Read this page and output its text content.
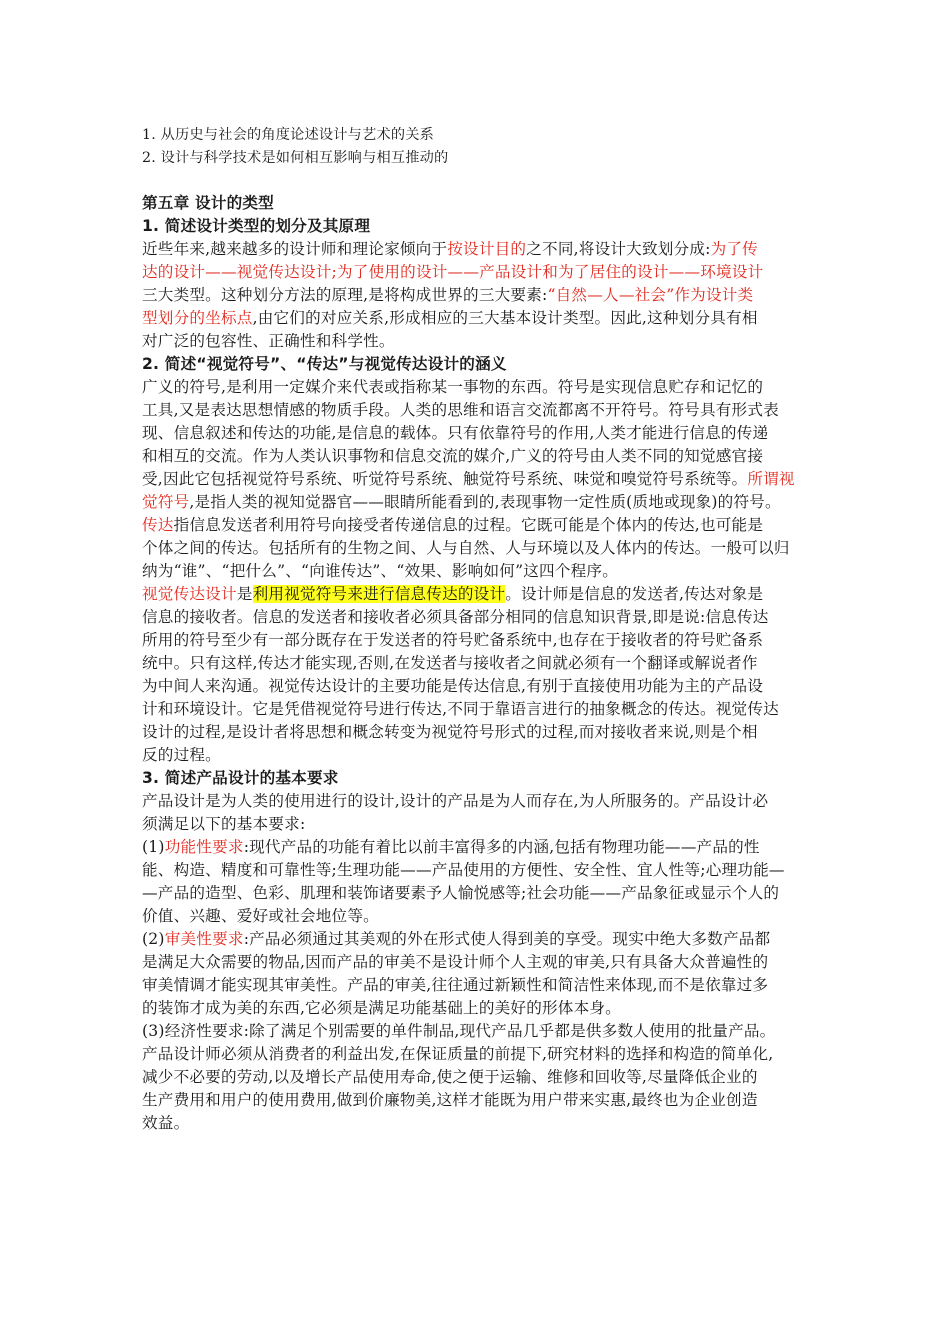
1. 从历史与社会的角度论述设计与艺术的关系
2. 设计与科学技术是如何相互影响与相互推动的
第五章 设计的类型
1. 简述设计类型的划分及其原理
近些年来,越来越多的设计师和理论家倾向于按设计目的之不同,将设计大致划分成:为了传
达的设计——视觉传达设计;为了使用的设计——产品设计和为了居住的设计——环境设计
三大类型。这种划分方法的原理,是将构成世界的三大要素:“自然—人—社会”作为设计类
型划分的坐标点,由它们的对应关系,形成相应的三大基本设计类型。因此,这种划分具有相
对广泛的包容性、正确性和科学性。
2. 简述“视觉符号”、“传达”与视觉传达设计的涵义
广义的符号,是利用一定媒介来代表或指称某一事物的东西。符号是实现信息贮存和记忆的
工具,又是表达思想情感的物质手段。人类的思维和语言交流都离不开符号。符号具有形式表
现、信息叙述和传达的功能,是信息的载体。只有依靠符号的作用,人类才能进行信息的传递
和相互的交流。作为人类认识事物和信息交流的媒介,广义的符号由人类不同的知觉感官接
受,因此它包括视觉符号系统、听觉符号系统、触觉符号系统、味觉和嗅觉符号系统等。所谓视
觉符号,是指人类的视知觉器官——眼睛所能看到的,表现事物一定性质(质地或现象)的符号。
传达指信息发送者利用符号向接受者传递信息的过程。它既可能是个体内的传达,也可能是
个体之间的传达。包括所有的生物之间、人与自然、人与环境以及人体内的传达。一般可以归
纳为“谁”、“把什么”、“向谁传达”、“效果、影响如何”这四个程序。
视觉传达设计是利用视觉符号来进行信息传达的设计。设计师是信息的发送者,传达对象是
信息的接收者。信息的发送者和接收者必须具备部分相同的信息知识背景,即是说:信息传达
所用的符号至少有一部分既存在于发送者的符号贮备系统中,也存在于接收者的符号贮备系
统中。只有这样,传达才能实现,否则,在发送者与接收者之间就必须有一个翻译或解说者作
为中间人来沟通。视觉传达设计的主要功能是传达信息,有别于直接使用功能为主的产品设
计和环境设计。它是凭借视觉符号进行传达,不同于靠语言进行的抽象概念的传达。视觉传达
设计的过程,是设计者将思想和概念转变为视觉符号形式的过程,而对接收者来说,则是个相
反的过程。
3. 简述产品设计的基本要求
产品设计是为人类的使用进行的设计,设计的产品是为人而存在,为人所服务的。产品设计必
须满足以下的基本要求:
(1)功能性要求:现代产品的功能有着比以前丰富得多的内涵,包括有物理功能——产品的性
能、构造、精度和可靠性等;生理功能——产品使用的方便性、安全性、宜人性等;心理功能—
—产品的造型、色彩、肌理和装饰诸要素予人愉悦感等;社会功能——产品象征或显示个人的
价值、兴趣、爱好或社会地位等。
(2)审美性要求:产品必须通过其美观的外在形式使人得到美的享受。现实中绝大多数产品都
是满足大众需要的物品,因而产品的审美不是设计师个人主观的审美,只有具备大众普遍性的
审美情调才能实现其审美性。产品的审美,往往通过新颖性和简洁性来体现,而不是依靠过多
的装饰才成为美的东西,它必须是满足功能基础上的美好的形体本身。
(3)经济性要求:除了满足个别需要的单件制品,现代产品几乎都是供多数人使用的批量产品。
产品设计师必须从消费者的利益出发,在保证质量的前提下,研究材料的选择和构造的简单化,
减少不必要的劳动,以及增长产品使用寿命,使之便于运输、维修和回收等,尽量降低企业的
生产费用和用户的使用费用,做到价廉物美,这样才能既为用户带来实惠,最终也为企业创造
效益。
